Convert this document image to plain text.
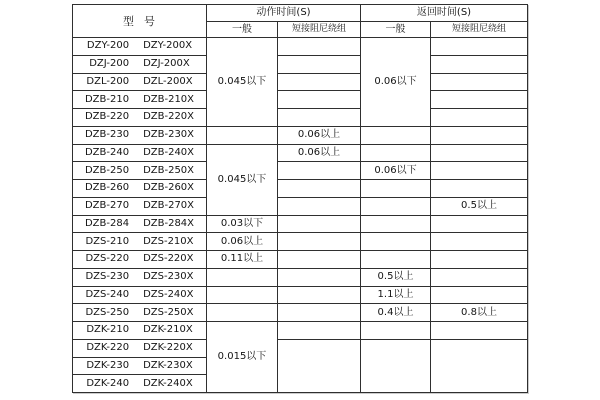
型  号	动作时间(S)		返回时间(S)	
	一般	短接阻尼绕组	一般	短接阻尼绕组

DZY-200 DZY-200X	0.045以下		0.06以下	

DZJ-200 DZJ-200X				

DZL-200 DZL-200X				

DZB-210 DZB-210X				

DZB-220 DZB-220X				

DZB-230 DZB-230X		0.06以上		

DZB-240 DZB-240X	0.045以下	0.06以上		

DZB-250 DZB-250X			0.06以下	

DZB-260 DZB-260X				

DZB-270 DZB-270X				0.5以上

DZB-284 DZB-284X	0.03以下			

DZS-210 DZS-210X	0.06以上			

DZS-220 DZS-220X	0.11以上			

DZS-230 DZS-230X			0.5以上	

DZS-240 DZS-240X			1.1以上	

DZS-250 DZS-250X			0.4以上	0.8以上

DZK-210 DZK-210X	0.015以下			

DZK-220 DZK-220X				

DZK-230 DZK-230X				

DZK-240 DZK-240X				
